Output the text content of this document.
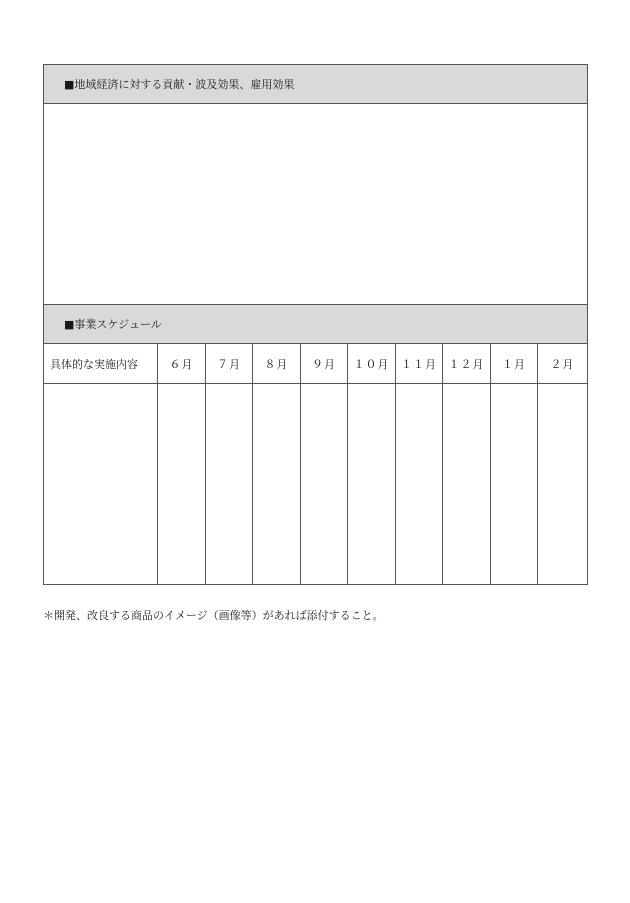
■地域経済に対する貢献・波及効果、雇用効果									

■事業スケジュール									
具体的な実施内容	６月	７月	８月	９月	１０月	１１月	１２月	１月	２月

＊開発、改良する商品のイメージ（画像等）があれば添付すること。
